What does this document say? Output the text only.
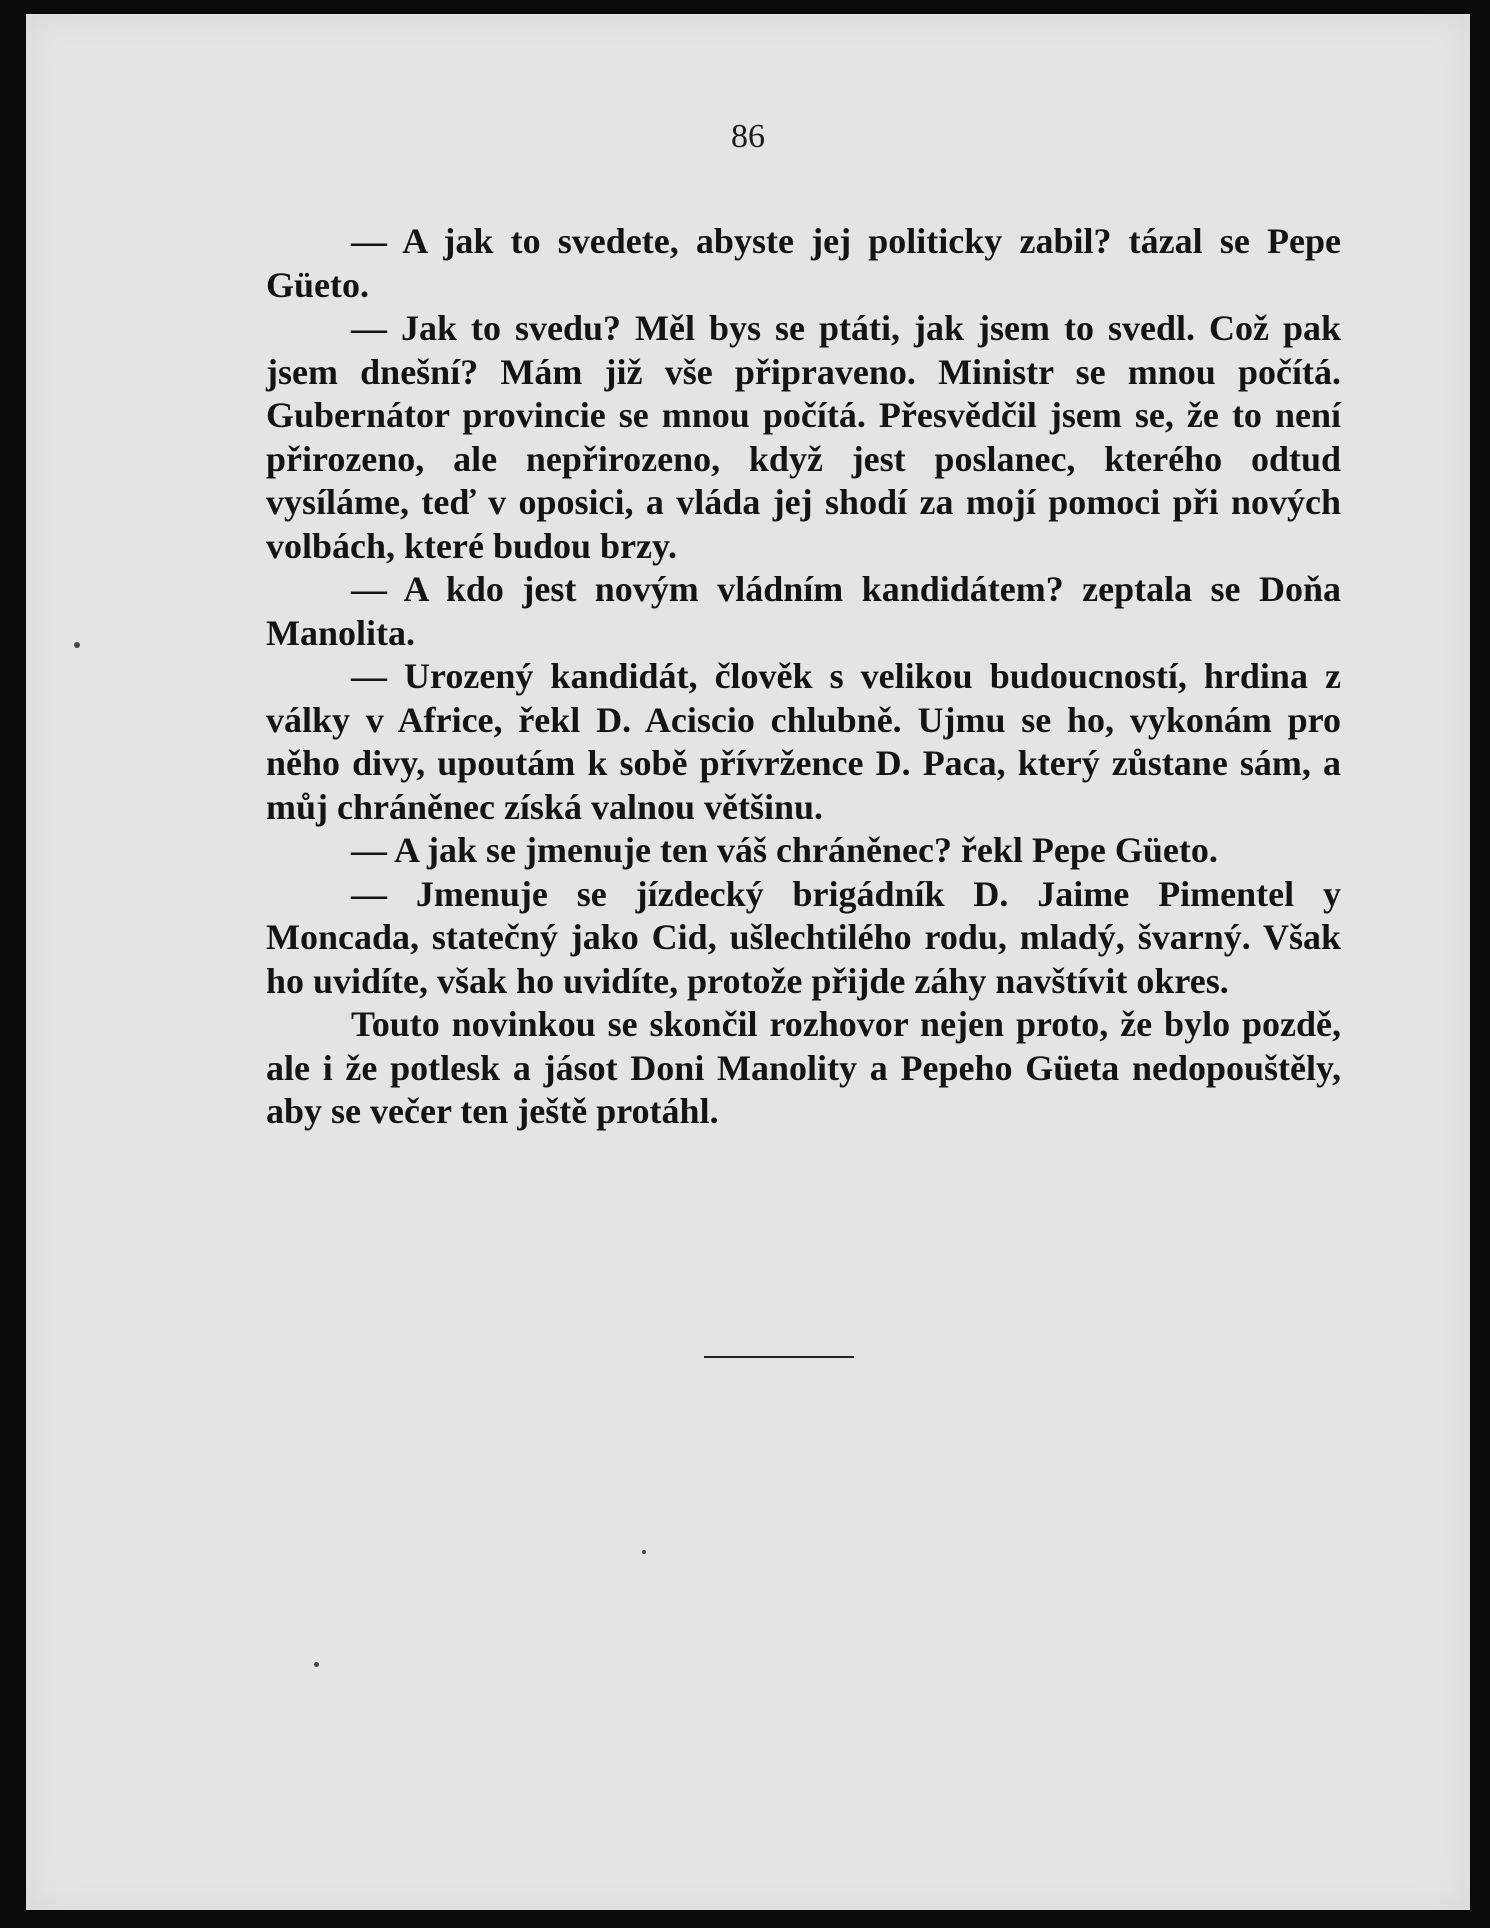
86

— A jak to svedete, abyste jej politicky zabil? tázal se Pepe Güeto.

— Jak to svedu? Měl bys se ptáti, jak jsem to svedl. Což pak jsem dnešní? Mám již vše připraveno. Ministr se mnou počítá. Gubernátor provincie se mnou počítá. Přesvědčil jsem se, že to není přirozeno, ale nepřirozeno, když jest poslanec, kterého odtud vysíláme, teď v oposici, a vláda jej shodí za mojí pomoci při nových volbách, které budou brzy.

— A kdo jest novým vládním kandidátem? zeptala se Doňa Manolita.

— Urozený kandidát, člověk s velikou budoucností, hrdina z války v Africe, řekl D. Aciscio chlubně. Ujmu se ho, vykonám pro něho divy, upoutám k sobě přívržence D. Paca, který zůstane sám, a můj chráněnec získá valnou většinu.

— A jak se jmenuje ten váš chráněnec? řekl Pepe Güeto.

— Jmenuje se jízdecký brigádník D. Jaime Pimentel y Moncada, statečný jako Cid, ušlechtilého rodu, mladý, švarný. Však ho uvidíte, však ho uvidíte, protože přijde záhy navštívit okres.

Touto novinkou se skončil rozhovor nejen proto, že bylo pozdě, ale i že potlesk a jásot Doni Manolity a Pepeho Güeta nedopouštěly, aby se večer ten ještě protáhl.
